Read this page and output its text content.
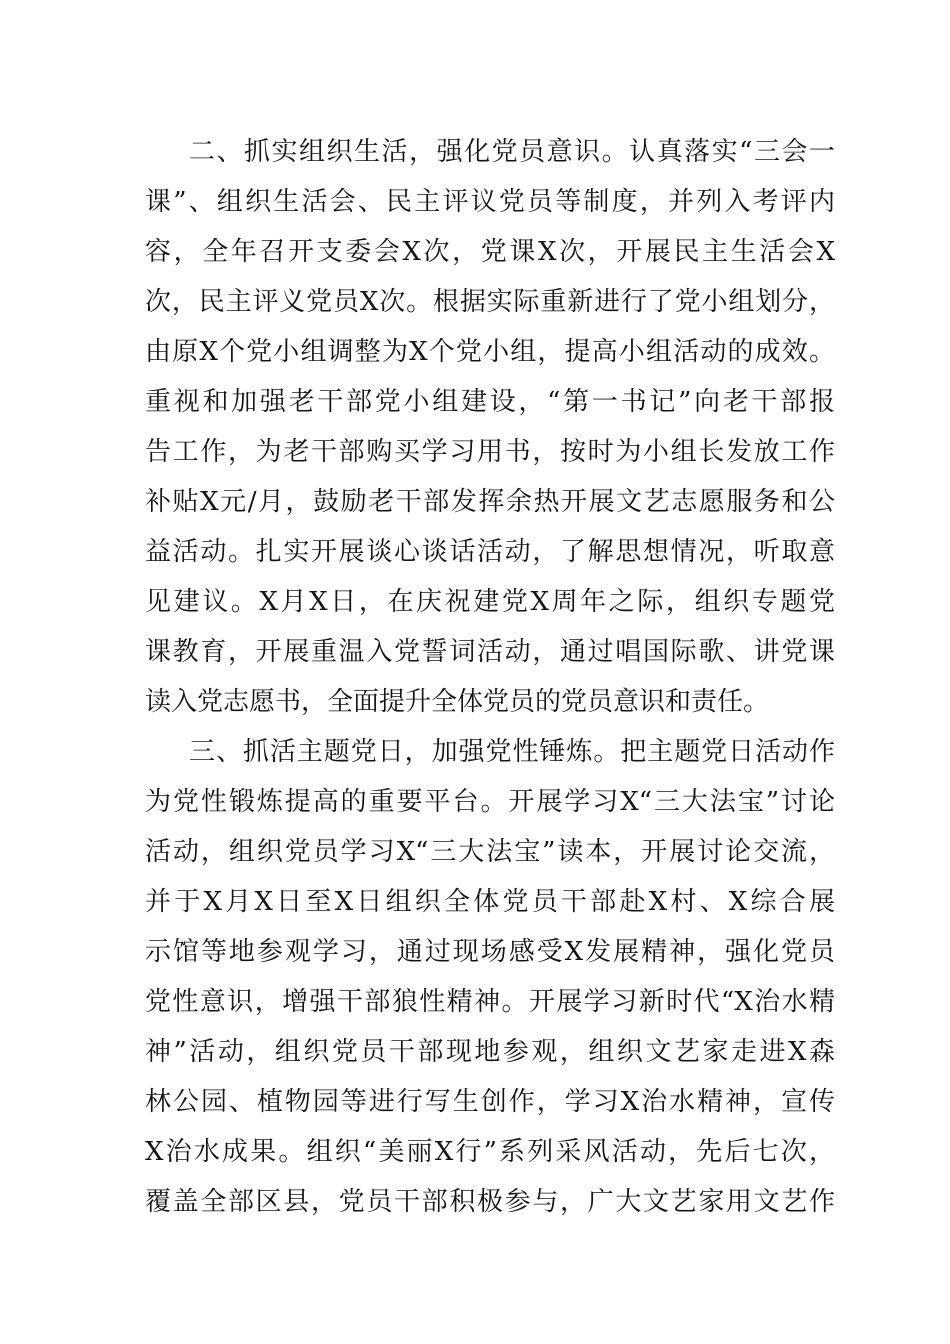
二、抓实组织生活，强化党员意识。认真落实“三会一
课”、组织生活会、民主评议党员等制度，并列入考评内
容，全年召开支委会X次，党课X次，开展民主生活会X
次，民主评义党员X次。根据实际重新进行了党小组划分，
由原X个党小组调整为X个党小组，提高小组活动的成效。
重视和加强老干部党小组建设，“第一书记”向老干部报
告工作，为老干部购买学习用书，按时为小组长发放工作
补贴X元/月，鼓励老干部发挥余热开展文艺志愿服务和公
益活动。扎实开展谈心谈话活动，了解思想情况，听取意
见建议。X月X日，在庆祝建党X周年之际，组织专题党
课教育，开展重温入党誓词活动，通过唱国际歌、讲党课
读入党志愿书，全面提升全体党员的党员意识和责任。
三、抓活主题党日，加强党性锤炼。把主题党日活动作
为党性锻炼提高的重要平台。开展学习X“三大法宝”讨论
活动，组织党员学习X“三大法宝”读本，开展讨论交流，
并于X月X日至X日组织全体党员干部赴X村、X综合展
示馆等地参观学习，通过现场感受X发展精神，强化党员
党性意识，增强干部狼性精神。开展学习新时代“X治水精
神”活动，组织党员干部现地参观，组织文艺家走进X森
林公园、植物园等进行写生创作，学习X治水精神，宣传
X治水成果。组织“美丽X行”系列采风活动，先后七次，
覆盖全部区县，党员干部积极参与，广大文艺家用文艺作
